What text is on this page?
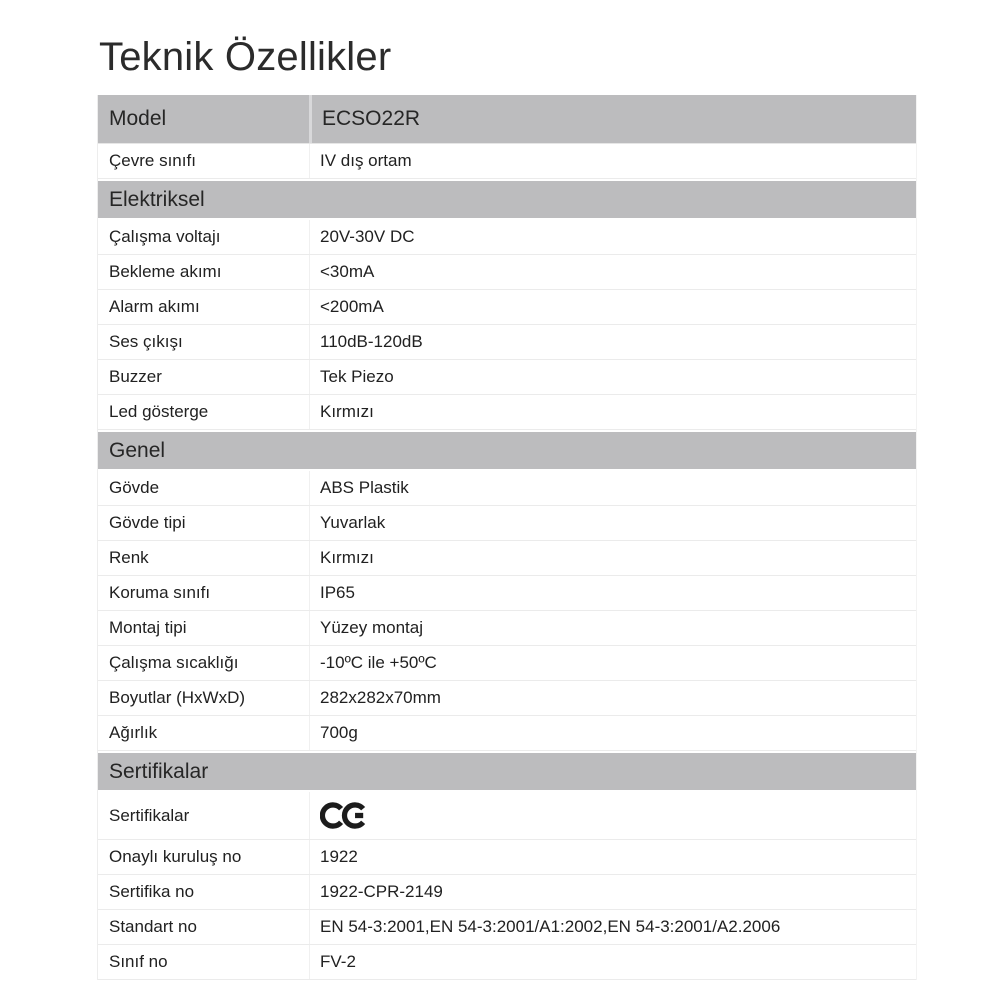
Teknik Özellikler
Model	ECSO22R
Çevre sınıfı	IV dış ortam
Elektriksel
Çalışma voltajı	20V-30V DC
Bekleme akımı	<30mA
Alarm akımı	<200mA
Ses çıkışı	110dB-120dB
Buzzer	Tek Piezo
Led gösterge	Kırmızı
Genel
Gövde	ABS Plastik
Gövde tipi	Yuvarlak
Renk	Kırmızı
Koruma sınıfı	IP65
Montaj tipi	Yüzey montaj
Çalışma sıcaklığı	-10ºC ile +50ºC
Boyutlar (HxWxD)	282x282x70mm
Ağırlık	700g
Sertifikalar
Sertifikalar
Onaylı kuruluş no	1922
Sertifika no	1922-CPR-2149
Standart no	EN 54-3:2001,EN 54-3:2001/A1:2002,EN 54-3:2001/A2.2006
Sınıf no	FV-2
